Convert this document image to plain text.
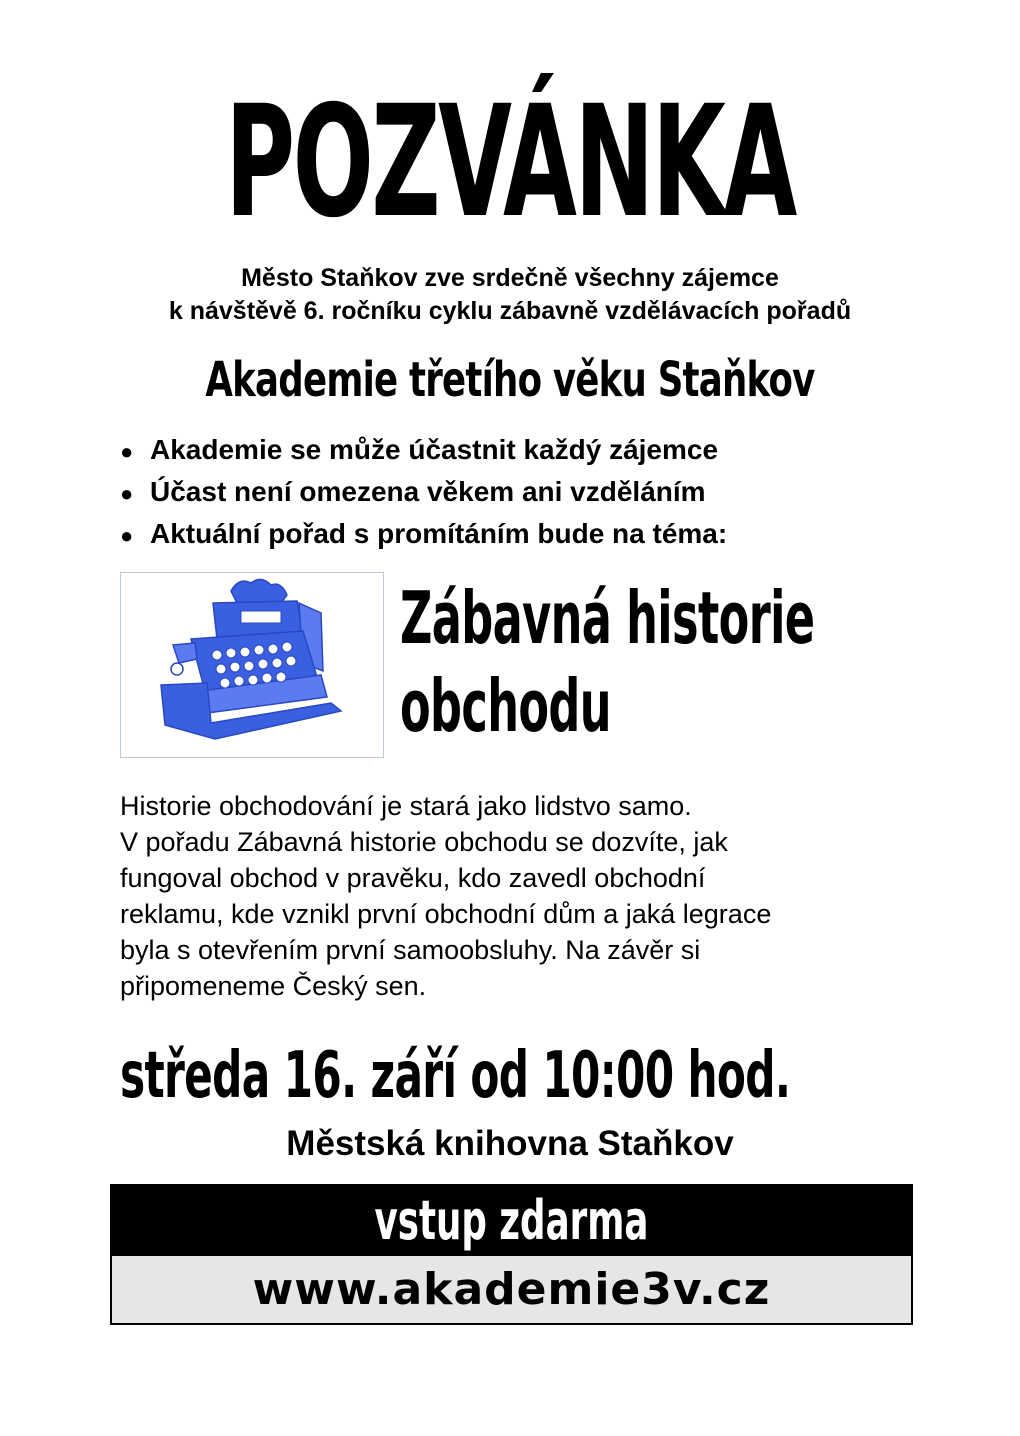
POZVÁNKA
Město Staňkov zve srdečně všechny zájemce
k návštěvě 6. ročníku cyklu zábavně vzdělávacích pořadů
Akademie třetího věku Staňkov
● Akademie se může účastnit každý zájemce
● Účast není omezena věkem ani vzděláním
● Aktuální pořad s promítáním bude na téma:
Zábavná historie
obchodu
Historie obchodování je stará jako lidstvo samo.
V pořadu Zábavná historie obchodu se dozvíte, jak
fungoval obchod v pravěku, kdo zavedl obchodní
reklamu, kde vznikl první obchodní dům a jaká legrace
byla s otevřením první samoobsluhy. Na závěr si
připomeneme Český sen.
středa 16. září od 10:00 hod.
Městská knihovna Staňkov
vstup zdarma
www.akademie3v.cz
